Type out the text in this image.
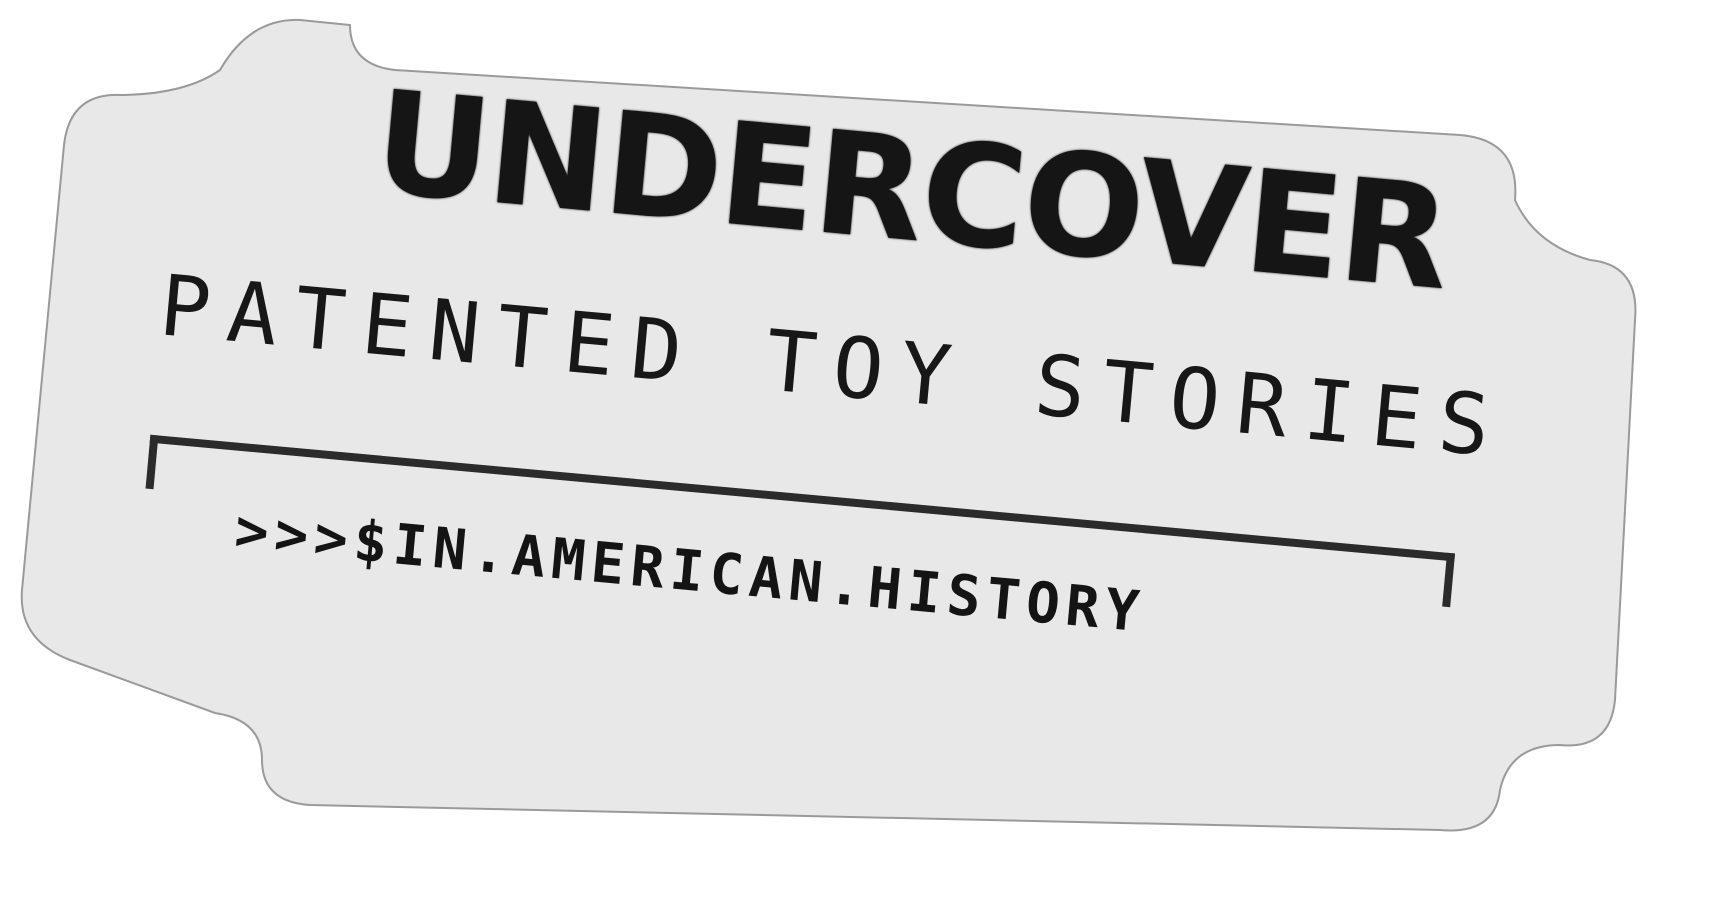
UNDERCOVER
PATENTED TOY STORIES
>>>$IN.AMERICAN.HISTORY
